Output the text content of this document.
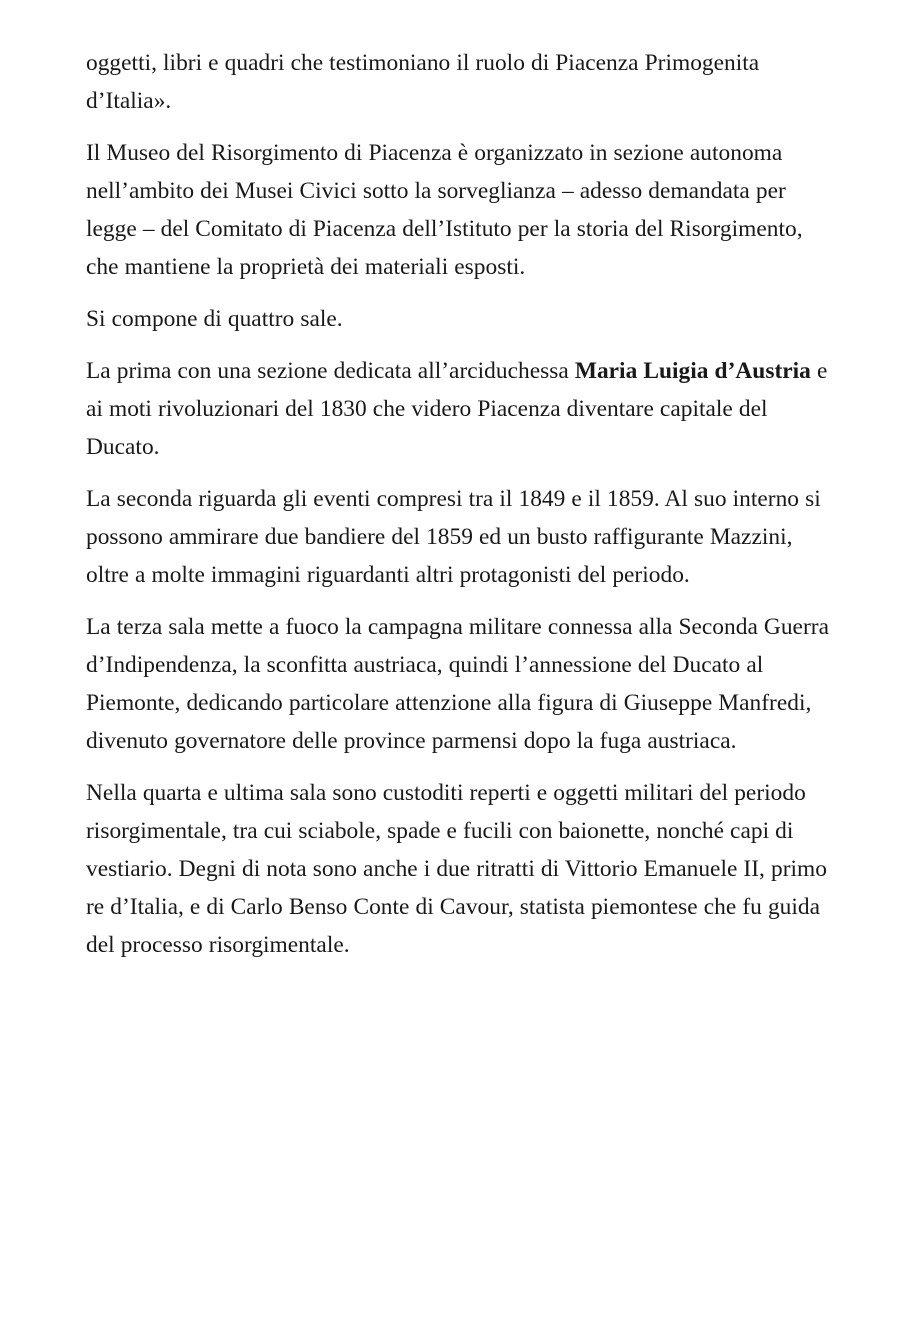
oggetti, libri e quadri che testimoniano il ruolo di Piacenza Primogenita d’Italia».

Il Museo del Risorgimento di Piacenza è organizzato in sezione autonoma nell’ambito dei Musei Civici sotto la sorveglianza – adesso demandata per legge – del Comitato di Piacenza dell’Istituto per la storia del Risorgimento, che mantiene la proprietà dei materiali esposti.

Si compone di quattro sale.

La prima con una sezione dedicata all’arciduchessa Maria Luigia d’Austria e ai moti rivoluzionari del 1830 che videro Piacenza diventare capitale del Ducato.

La seconda riguarda gli eventi compresi tra il 1849 e il 1859. Al suo interno si possono ammirare due bandiere del 1859 ed un busto raffigurante Mazzini, oltre a molte immagini riguardanti altri protagonisti del periodo.

La terza sala mette a fuoco la campagna militare connessa alla Seconda Guerra d’Indipendenza, la sconfitta austriaca, quindi l’annessione del Ducato al Piemonte, dedicando particolare attenzione alla figura di Giuseppe Manfredi, divenuto governatore delle province parmensi dopo la fuga austriaca.

Nella quarta e ultima sala sono custoditi reperti e oggetti militari del periodo risorgimentale, tra cui sciabole, spade e fucili con baionette, nonché capi di vestiario. Degni di nota sono anche i due ritratti di Vittorio Emanuele II, primo re d’Italia, e di Carlo Benso Conte di Cavour, statista piemontese che fu guida del processo risorgimentale.
